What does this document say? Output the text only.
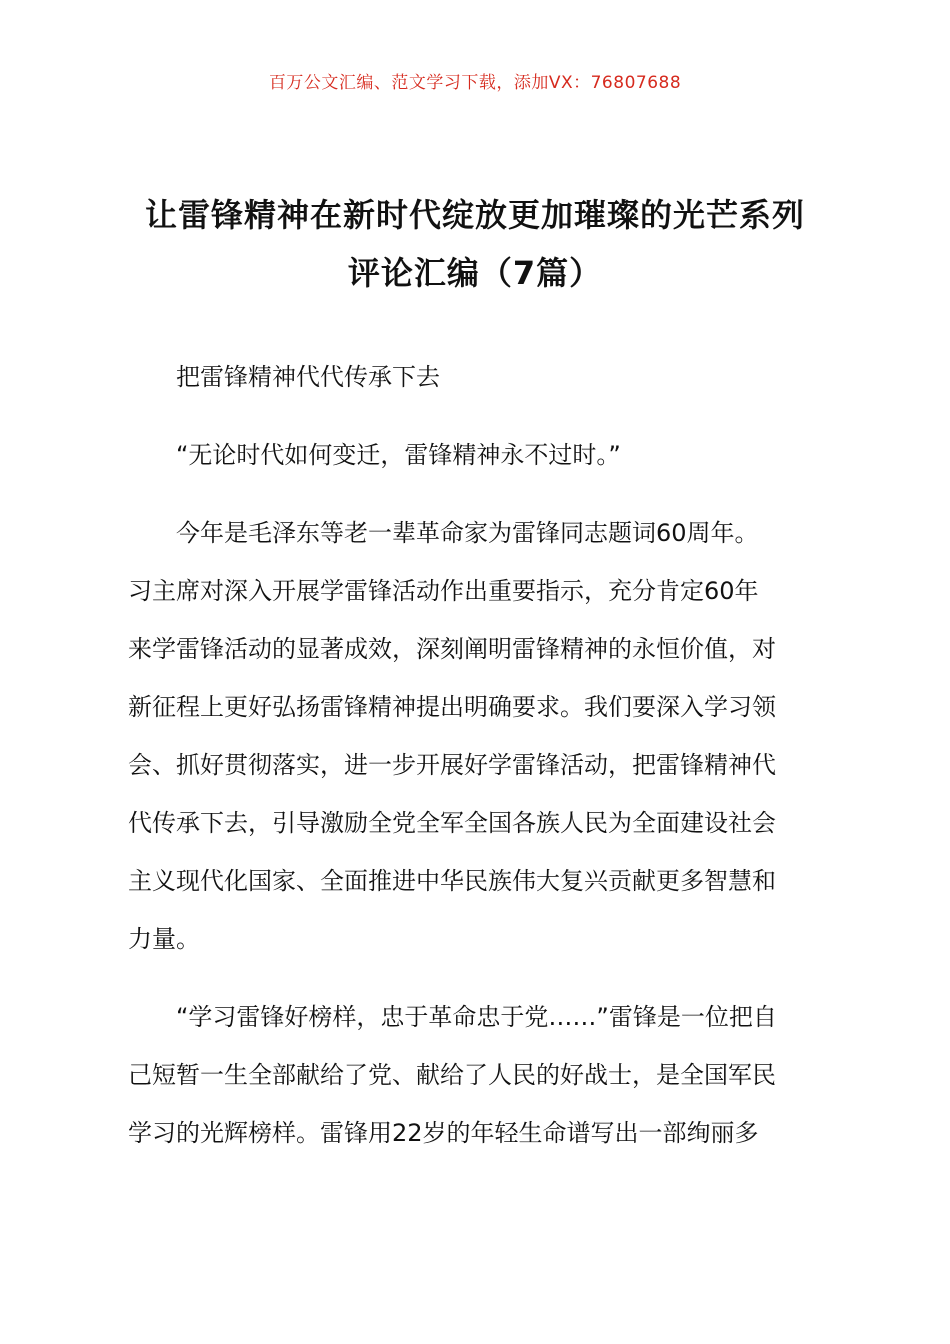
百万公文汇编、范文学习下载，添加VX：76807688
让雷锋精神在新时代绽放更加璀璨的光芒系列
评论汇编（7篇）
把雷锋精神代代传承下去
“无论时代如何变迁，雷锋精神永不过时。”
今年是毛泽东等老一辈革命家为雷锋同志题词60周年。
习主席对深入开展学雷锋活动作出重要指示，充分肯定60年
来学雷锋活动的显著成效，深刻阐明雷锋精神的永恒价值，对
新征程上更好弘扬雷锋精神提出明确要求。我们要深入学习领
会、抓好贯彻落实，进一步开展好学雷锋活动，把雷锋精神代
代传承下去，引导激励全党全军全国各族人民为全面建设社会
主义现代化国家、全面推进中华民族伟大复兴贡献更多智慧和
力量。
“学习雷锋好榜样，忠于革命忠于党……”雷锋是一位把自
己短暂一生全部献给了党、献给了人民的好战士，是全国军民
学习的光辉榜样。雷锋用22岁的年轻生命谱写出一部绚丽多
